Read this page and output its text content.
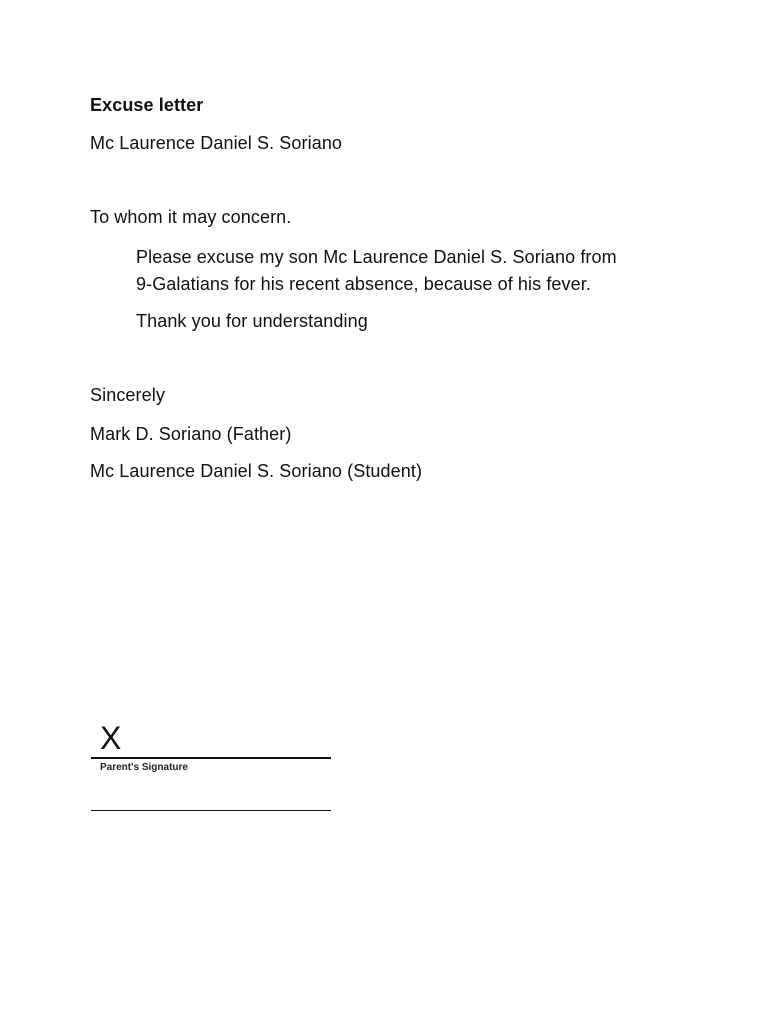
Excuse letter
Mc Laurence Daniel S. Soriano
To whom it may concern.
Please excuse my son Mc Laurence Daniel S. Soriano from 9-Galatians for his recent absence, because of his fever.
Thank you for understanding
Sincerely
Mark D. Soriano (Father)
Mc Laurence Daniel S. Soriano (Student)
X
Parent's Signature
